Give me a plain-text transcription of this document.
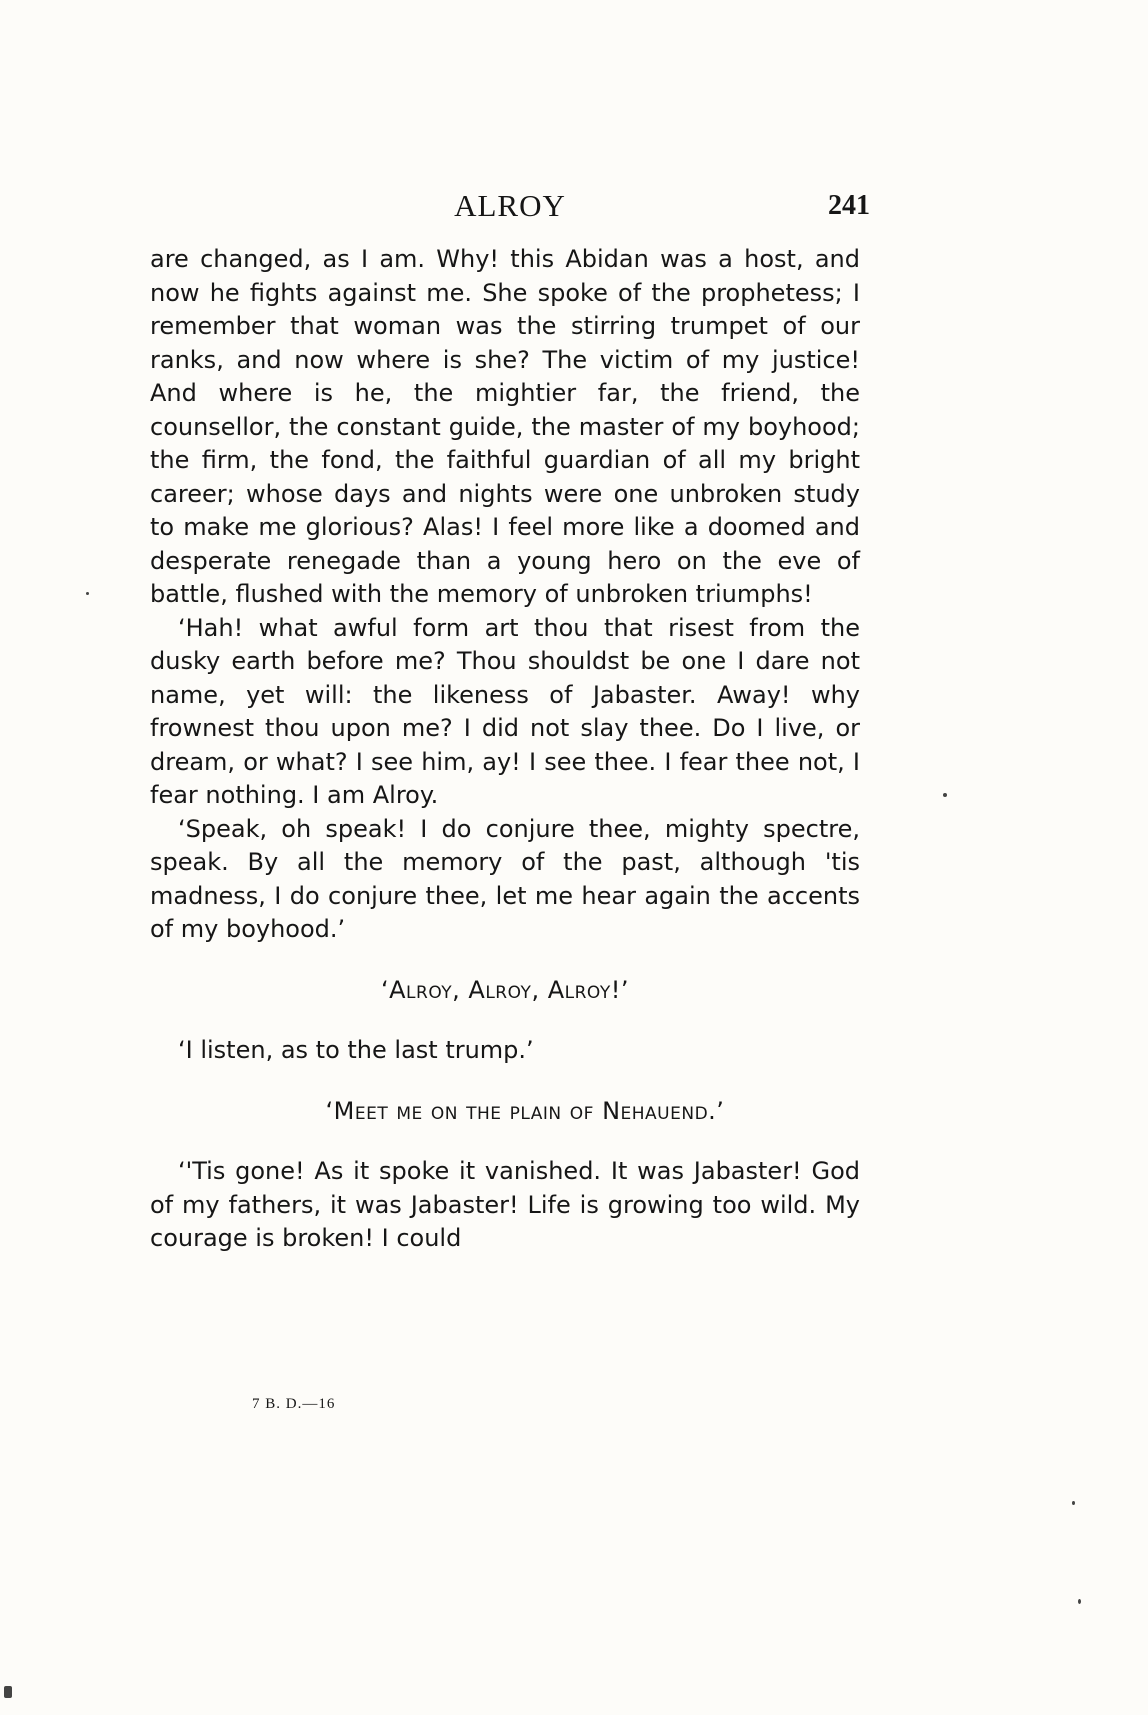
ALROY	241

are changed, as I am. Why! this Abidan was a host, and now he fights against me. She spoke of the prophetess; I remember that woman was the stirring trumpet of our ranks, and now where is she? The victim of my justice! And where is he, the mightier far, the friend, the counsellor, the constant guide, the master of my boyhood; the firm, the fond, the faithful guardian of all my bright career; whose days and nights were one unbroken study to make me glorious? Alas! I feel more like a doomed and desperate renegade than a young hero on the eve of battle, flushed with the memory of unbroken triumphs!

‘Hah! what awful form art thou that risest from the dusky earth before me? Thou shouldst be one I dare not name, yet will: the likeness of Jabaster. Away! why frownest thou upon me? I did not slay thee. Do I live, or dream, or what? I see him, ay! I see thee. I fear thee not, I fear nothing. I am Alroy.

‘Speak, oh speak! I do conjure thee, mighty spectre, speak. By all the memory of the past, although 'tis madness, I do conjure thee, let me hear again the accents of my boyhood.’

‘Alroy, Alroy, Alroy!’

‘I listen, as to the last trump.’

‘Meet me on the plain of Nehauend.’

‘'Tis gone! As it spoke it vanished. It was Jabaster! God of my fathers, it was Jabaster! Life is growing too wild. My courage is broken! I could

7 B. D.—16
